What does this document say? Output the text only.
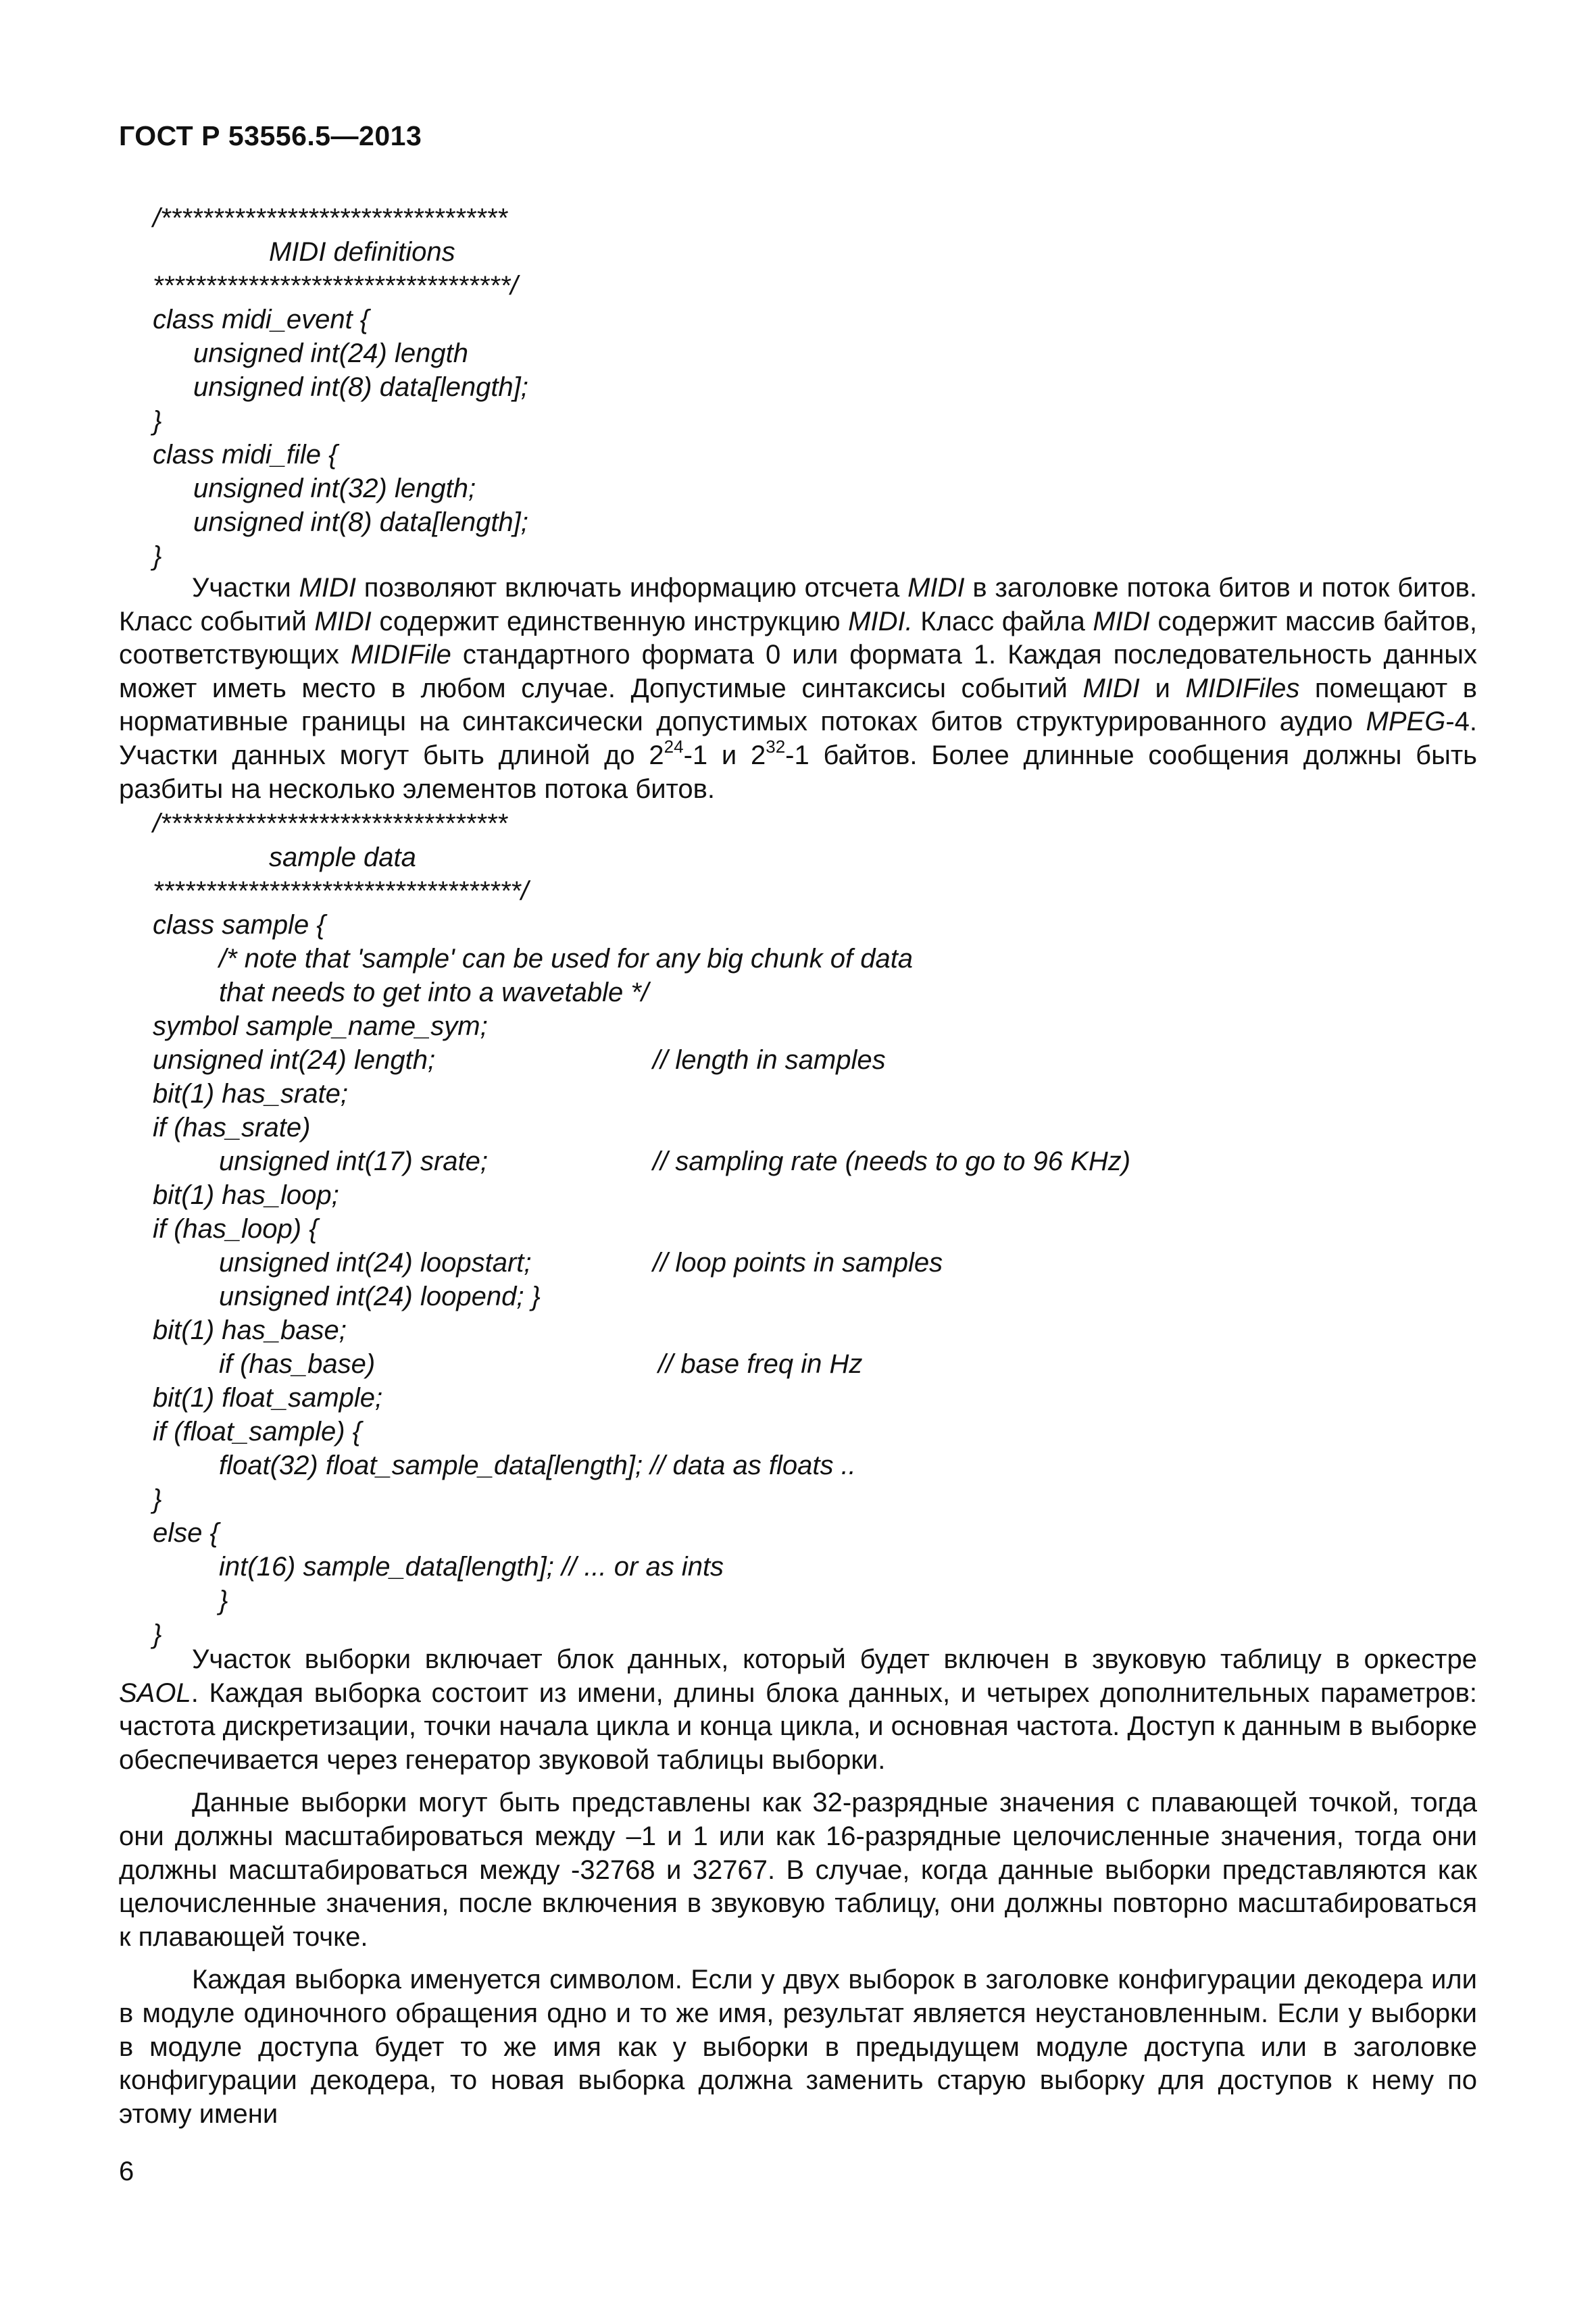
ГОСТ Р 53556.5—2013
/*********************************
MIDI definitions
**********************************/
class midi_event {
unsigned int(24) length
unsigned int(8) data[length];
}
class midi_file {
unsigned int(32) length;
unsigned int(8) data[length];
}

Участки MIDI позволяют включать информацию отсчета MIDI в заголовке потока битов и поток битов. Класс событий MIDI содержит единственную инструкцию MIDI. Класс файла MIDI содержит массив байтов, соответствующих MIDIFile стандартного формата 0 или формата 1. Каждая последовательность данных может иметь место в любом случае. Допустимые синтаксисы событий MIDI и MIDIFiles помещают в нормативные границы на синтаксически допустимых потоках битов структурированного аудио MPEG-4. Участки данных могут быть длиной до $2^{24}-1$ и $2^{32}-1$ байтов. Более длинные сообщения должны быть разбиты на несколько элементов потока битов.

/*********************************
sample data
***********************************/
class sample {
/* note that 'sample' can be used for any big chunk of data
that needs to get into a wavetable */
symbol sample_name_sym;
unsigned int(24) length;	// length in samples
bit(1) has_srate;
if (has_srate)
unsigned int(17) srate;	// sampling rate (needs to go to 96 KHz)
bit(1) has_loop;
if (has_loop) {
unsigned int(24) loopstart;	// loop points in samples
unsigned int(24) loopend; }
bit(1) has_base;
if (has_base)	// base freq in Hz
bit(1) float_sample;
if (float_sample) {
float(32) float_sample_data[length]; // data as floats ..
}
else {
int(16) sample_data[length]; // ... or as ints
}
}

Участок выборки включает блок данных, который будет включен в звуковую таблицу в оркестре SAOL. Каждая выборка состоит из имени, длины блока данных, и четырех дополнительных параметров: частота дискретизации, точки начала цикла и конца цикла, и основная частота. Доступ к данным в выборке обеспечивается через генератор звуковой таблицы выборки.

Данные выборки могут быть представлены как 32-разрядные значения с плавающей точкой, тогда они должны масштабироваться между –1 и 1 или как 16-разрядные целочисленные значения, тогда они должны масштабироваться между -32768 и 32767. В случае, когда данные выборки представляются как целочисленные значения, после включения в звуковую таблицу, они должны повторно масштабироваться к плавающей точке.

Каждая выборка именуется символом. Если у двух выборок в заголовке конфигурации декодера или в модуле одиночного обращения одно и то же имя, результат является неустановленным. Если у выборки в модуле доступа будет то же имя как у выборки в предыдущем модуле доступа или в заголовке конфигурации декодера, то новая выборка должна заменить старую выборку для доступов к нему по этому имени

6
